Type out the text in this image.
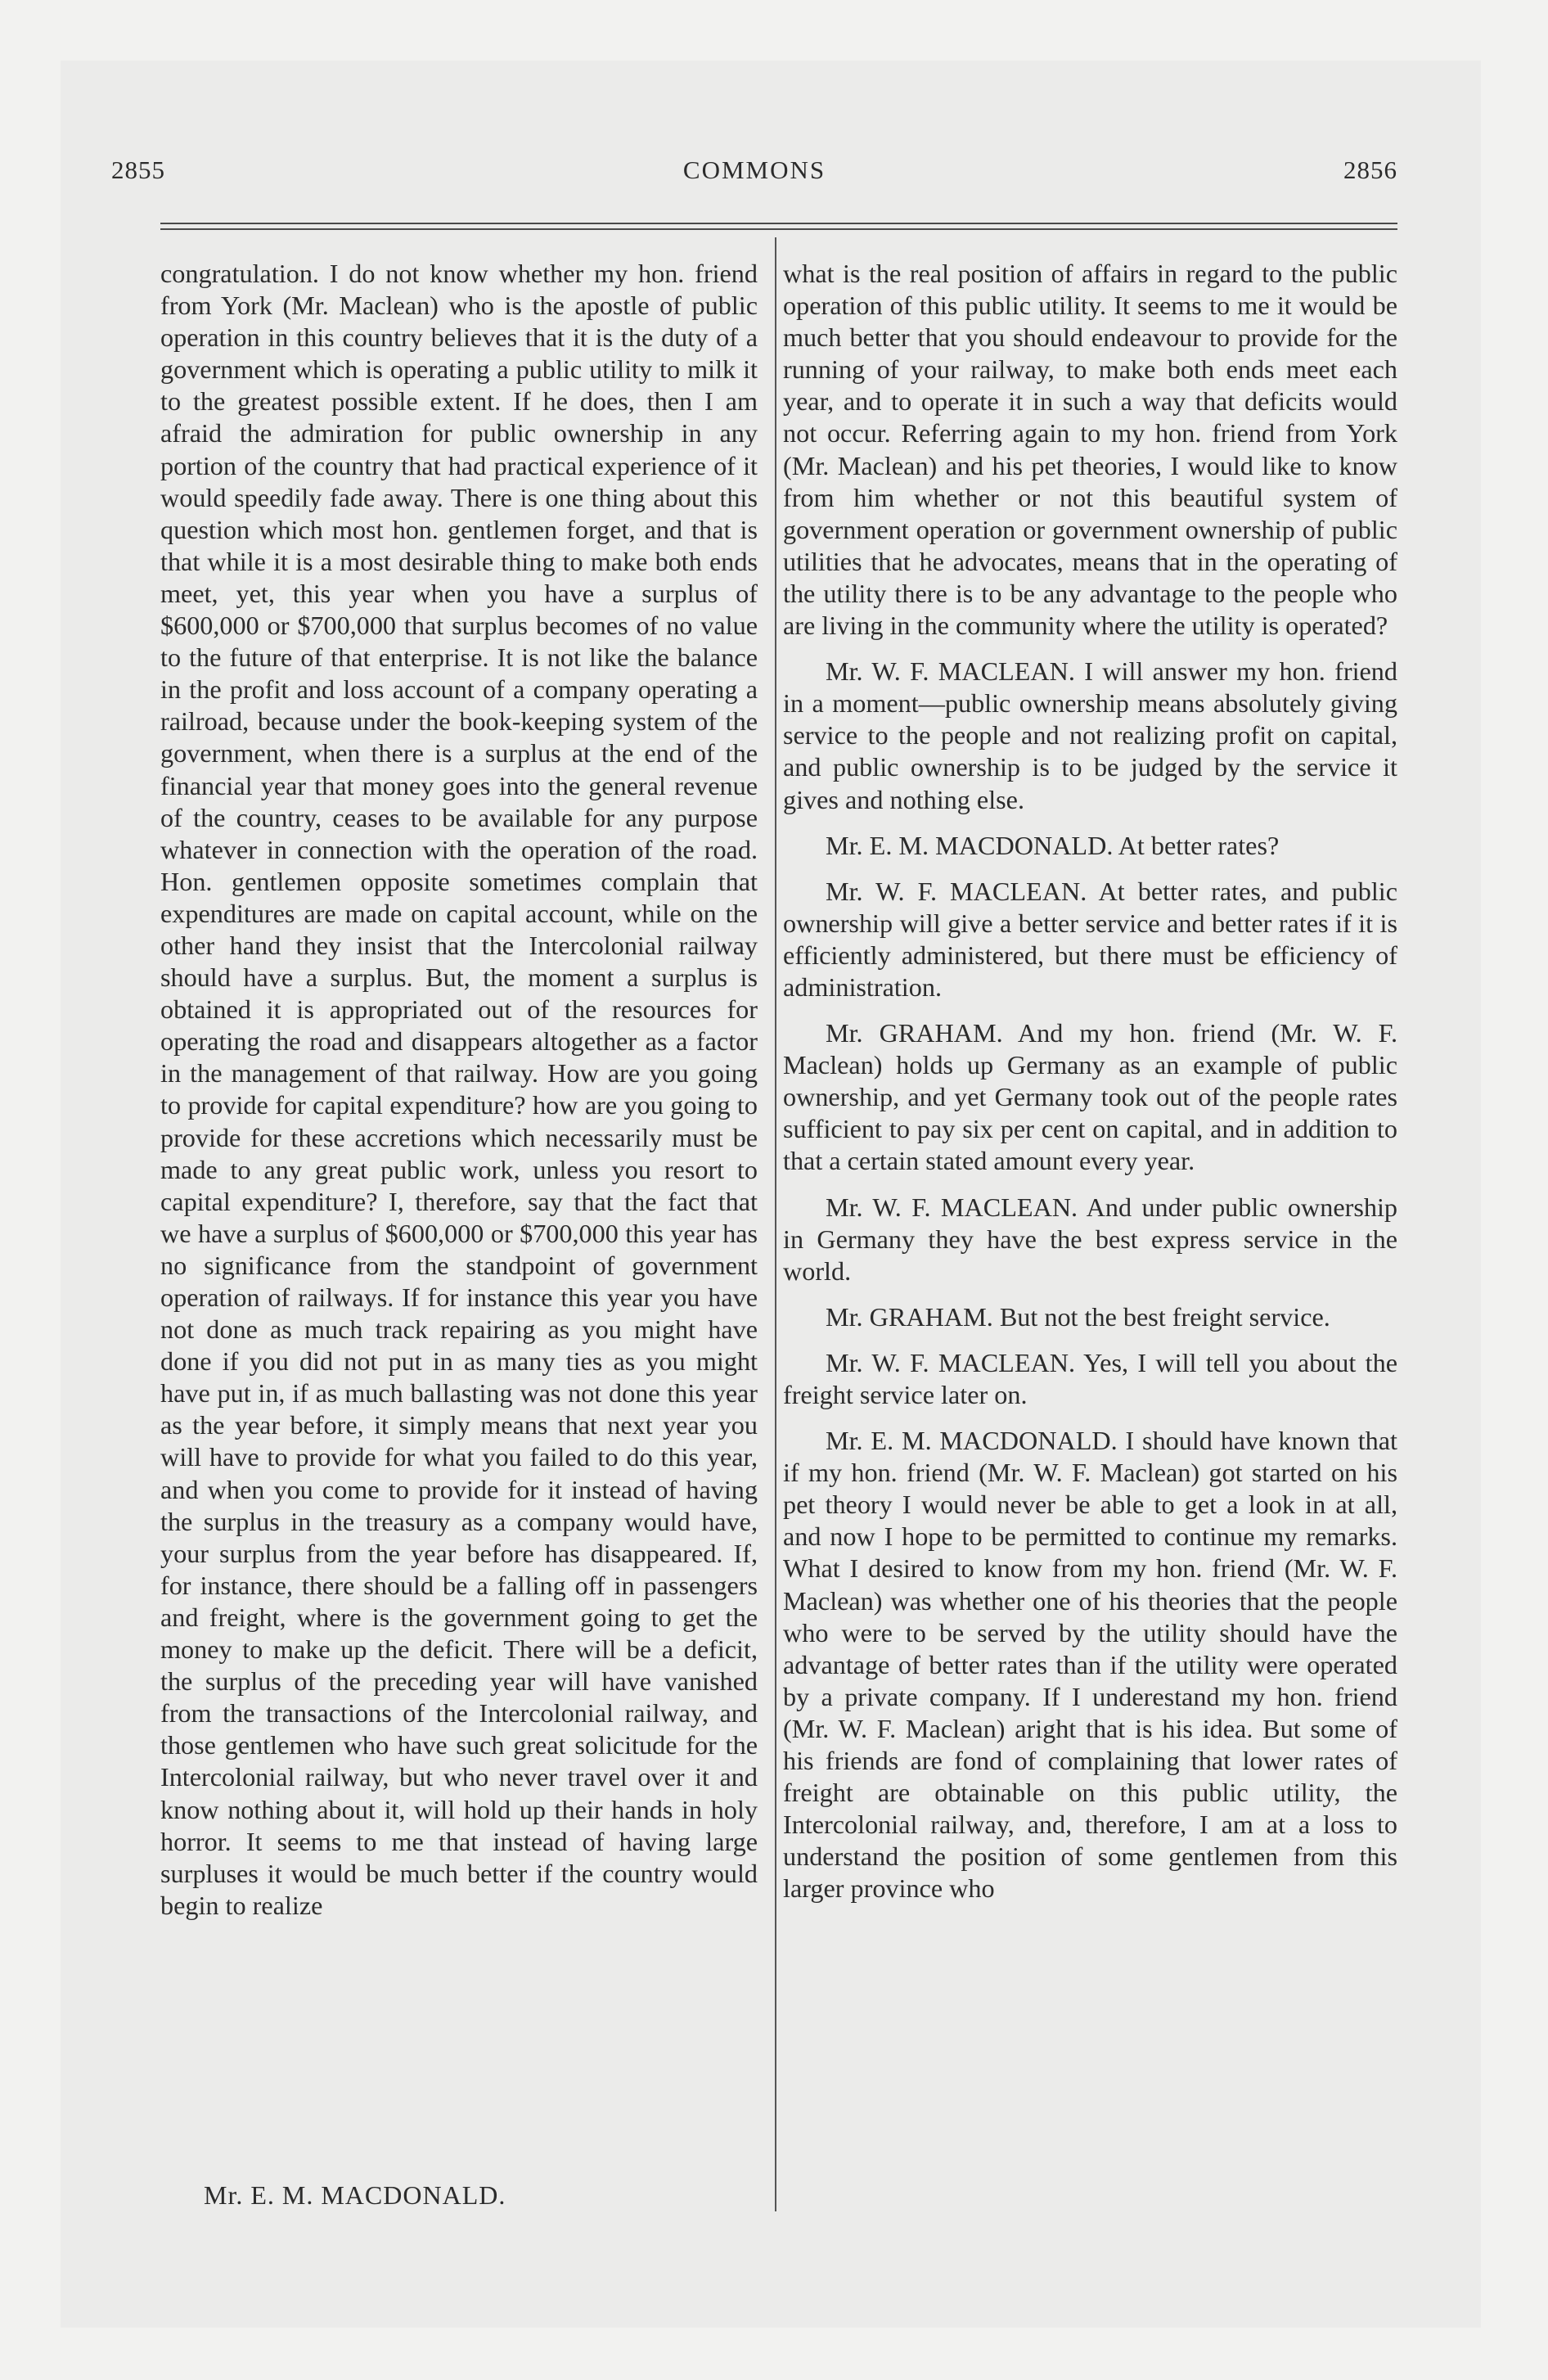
2855	COMMONS	2856

congratulation. I do not know whether my hon. friend from York (Mr. Maclean) who is the apostle of public operation in this country believes that it is the duty of a government which is operating a public utility to milk it to the greatest possible extent. If he does, then I am afraid the admiration for public ownership in any portion of the country that had practical experience of it would speedily fade away. There is one thing about this question which most hon. gentlemen forget, and that is that while it is a most desirable thing to make both ends meet, yet, this year when you have a surplus of $600,000 or $700,000 that surplus becomes of no value to the future of that enterprise. It is not like the balance in the profit and loss account of a company operating a railroad, because under the book-keeping system of the government, when there is a surplus at the end of the financial year that money goes into the general revenue of the country, ceases to be available for any purpose whatever in connection with the operation of the road. Hon. gentlemen opposite sometimes complain that expenditures are made on capital account, while on the other hand they insist that the Intercolonial railway should have a surplus. But, the moment a surplus is obtained it is appropriated out of the resources for operating the road and disappears altogether as a factor in the management of that railway. How are you going to provide for capital expenditure? how are you going to provide for these accretions which necessarily must be made to any great public work, unless you resort to capital expenditure? I, therefore, say that the fact that we have a surplus of $600,000 or $700,000 this year has no significance from the standpoint of government operation of railways. If for instance this year you have not done as much track repairing as you might have done if you did not put in as many ties as you might have put in, if as much ballasting was not done this year as the year before, it simply means that next year you will have to provide for what you failed to do this year, and when you come to provide for it instead of having the surplus in the treasury as a company would have, your surplus from the year before has disappeared. If, for instance, there should be a falling off in passengers and freight, where is the government going to get the money to make up the deficit. There will be a deficit, the surplus of the preceding year will have vanished from the transactions of the Intercolonial railway, and those gentlemen who have such great solicitude for the Intercolonial railway, but who never travel over it and know nothing about it, will hold up their hands in holy horror. It seems to me that instead of having large surpluses it would be much better if the country would begin to realize

Mr. E. M. MACDONALD.

what is the real position of affairs in regard to the public operation of this public utility. It seems to me it would be much better that you should endeavour to provide for the running of your railway, to make both ends meet each year, and to operate it in such a way that deficits would not occur. Referring again to my hon. friend from York (Mr. Maclean) and his pet theories, I would like to know from him whether or not this beautiful system of government operation or government ownership of public utilities that he advocates, means that in the operating of the utility there is to be any advantage to the people who are living in the community where the utility is operated?

Mr. W. F. MACLEAN. I will answer my hon. friend in a moment—public ownership means absolutely giving service to the people and not realizing profit on capital, and public ownership is to be judged by the service it gives and nothing else.

Mr. E. M. MACDONALD. At better rates?

Mr. W. F. MACLEAN. At better rates, and public ownership will give a better service and better rates if it is efficiently administered, but there must be efficiency of administration.

Mr. GRAHAM. And my hon. friend (Mr. W. F. Maclean) holds up Germany as an example of public ownership, and yet Germany took out of the people rates sufficient to pay six per cent on capital, and in addition to that a certain stated amount every year.

Mr. W. F. MACLEAN. And under public ownership in Germany they have the best express service in the world.

Mr. GRAHAM. But not the best freight service.

Mr. W. F. MACLEAN. Yes, I will tell you about the freight service later on.

Mr. E. M. MACDONALD. I should have known that if my hon. friend (Mr. W. F. Maclean) got started on his pet theory I would never be able to get a look in at all, and now I hope to be permitted to continue my remarks. What I desired to know from my hon. friend (Mr. W. F. Maclean) was whether one of his theories that the people who were to be served by the utility should have the advantage of better rates than if the utility were operated by a private company. If I underestand my hon. friend (Mr. W. F. Maclean) aright that is his idea. But some of his friends are fond of complaining that lower rates of freight are obtainable on this public utility, the Intercolonial railway, and, therefore, I am at a loss to understand the position of some gentlemen from this larger province who
